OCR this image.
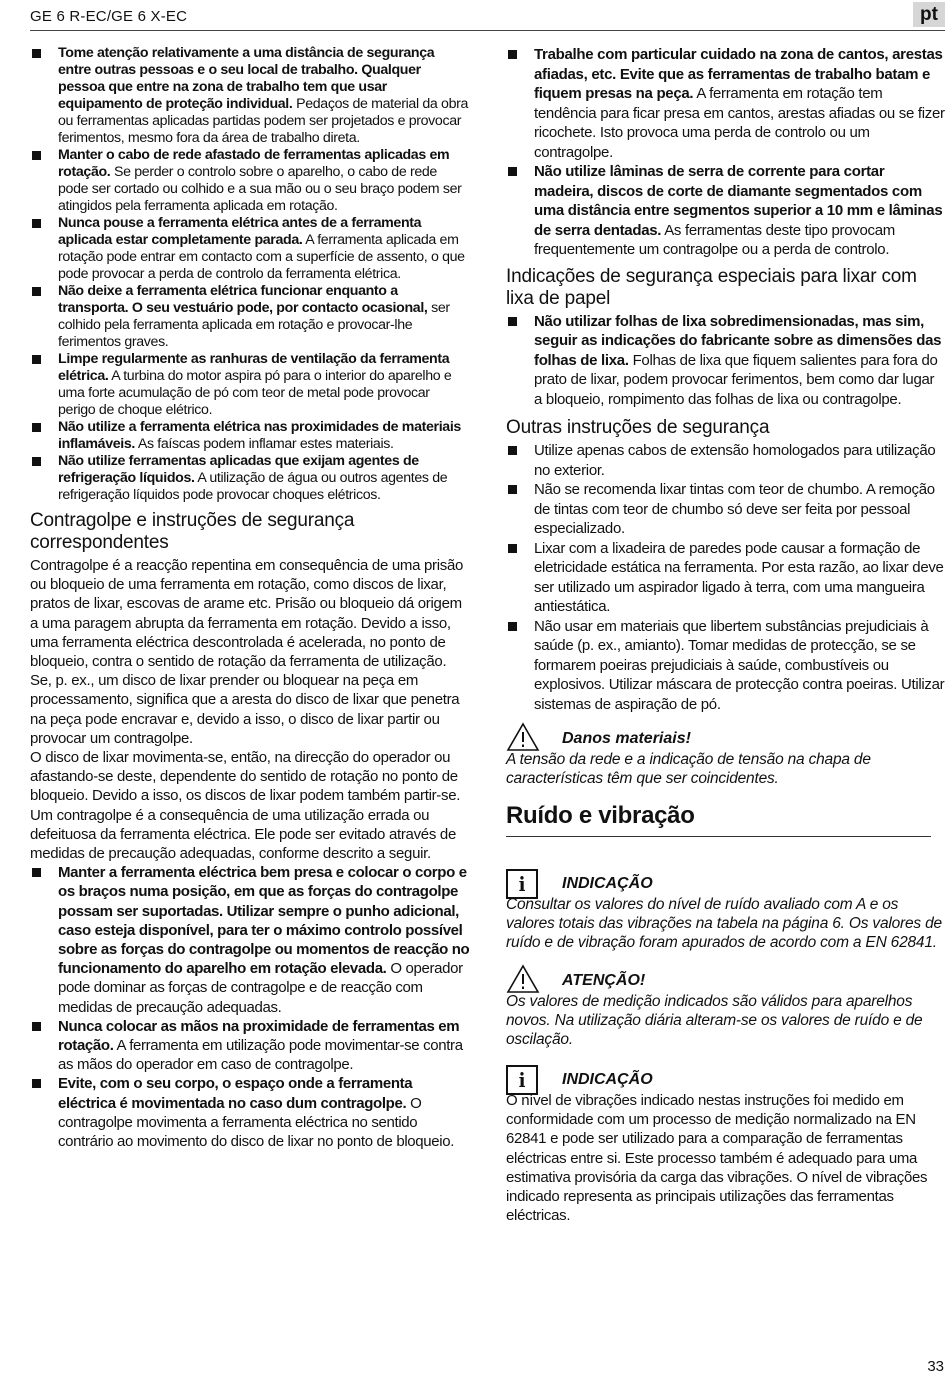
GE 6 R-EC/GE 6 X-EC	pt

Tome atenção relativamente a uma distância de segurança entre outras pessoas e o seu local de trabalho. Qualquer pessoa que entre na zona de trabalho tem que usar equipamento de proteção individual. Pedaços de material da obra ou ferramentas aplicadas partidas podem ser projetados e provocar ferimentos, mesmo fora da área de trabalho direta.

Manter o cabo de rede afastado de ferramentas aplicadas em rotação. Se perder o controlo sobre o aparelho, o cabo de rede pode ser cortado ou colhido e a sua mão ou o seu braço podem ser atingidos pela ferramenta aplicada em rotação.

Nunca pouse a ferramenta elétrica antes de a ferramenta aplicada estar completamente parada. A ferramenta aplicada em rotação pode entrar em contacto com a superfície de assento, o que pode provocar a perda de controlo da ferramenta elétrica.

Não deixe a ferramenta elétrica funcionar enquanto a transporta. O seu vestuário pode, por contacto ocasional, ser colhido pela ferramenta aplicada em rotação e provocar-lhe ferimentos graves.

Limpe regularmente as ranhuras de ventilação da ferramenta elétrica. A turbina do motor aspira pó para o interior do aparelho e uma forte acumulação de pó com teor de metal pode provocar perigo de choque elétrico.

Não utilize a ferramenta elétrica nas proximidades de materiais inflamáveis. As faíscas podem inflamar estes materiais.

Não utilize ferramentas aplicadas que exijam agentes de refrigeração líquidos. A utilização de água ou outros agentes de refrigeração líquidos pode provocar choques elétricos.

Contragolpe e instruções de segurança correspondentes

Contragolpe é a reacção repentina em consequência de uma prisão ou bloqueio de uma ferramenta em rotação, como discos de lixar, pratos de lixar, escovas de arame etc. Prisão ou bloqueio dá origem a uma paragem abrupta da ferramenta em rotação. Devido a isso, uma ferramenta eléctrica descontrolada é acelerada, no ponto de bloqueio, contra o sentido de rotação da ferramenta de utilização.

Se, p. ex., um disco de lixar prender ou bloquear na peça em processamento, significa que a aresta do disco de lixar que penetra na peça pode encravar e, devido a isso, o disco de lixar partir ou provocar um contragolpe.

O disco de lixar movimenta-se, então, na direcção do operador ou afastando-se deste, dependente do sentido de rotação no ponto de bloqueio. Devido a isso, os discos de lixar podem também partir-se.

Um contragolpe é a consequência de uma utilização errada ou defeituosa da ferramenta eléctrica. Ele pode ser evitado através de medidas de precaução adequadas, conforme descrito a seguir.

Manter a ferramenta eléctrica bem presa e colocar o corpo e os braços numa posição, em que as forças do contragolpe possam ser suportadas. Utilizar sempre o punho adicional, caso esteja disponível, para ter o máximo controlo possível sobre as forças do contragolpe ou momentos de reacção no funcionamento do aparelho em rotação elevada. O operador pode dominar as forças de contragolpe e de reacção com medidas de precaução adequadas.

Nunca colocar as mãos na proximidade de ferramentas em rotação. A ferramenta em utilização pode movimentar-se contra as mãos do operador em caso de contragolpe.

Evite, com o seu corpo, o espaço onde a ferramenta eléctrica é movimentada no caso dum contragolpe. O contragolpe movimenta a ferramenta eléctrica no sentido contrário ao movimento do disco de lixar no ponto de bloqueio.

Trabalhe com particular cuidado na zona de cantos, arestas afiadas, etc. Evite que as ferramentas de trabalho batam e fiquem presas na peça. A ferramenta em rotação tem tendência para ficar presa em cantos, arestas afiadas ou se fizer ricochete. Isto provoca uma perda de controlo ou um contragolpe.

Não utilize lâminas de serra de corrente para cortar madeira, discos de corte de diamante segmentados com uma distância entre segmentos superior a 10 mm e lâminas de serra dentadas. As ferramentas deste tipo provocam frequentemente um contragolpe ou a perda de controlo.

Indicações de segurança especiais para lixar com lixa de papel

Não utilizar folhas de lixa sobredimensionadas, mas sim, seguir as indicações do fabricante sobre as dimensões das folhas de lixa. Folhas de lixa que fiquem salientes para fora do prato de lixar, podem provocar ferimentos, bem como dar lugar a bloqueio, rompimento das folhas de lixa ou contragolpe.

Outras instruções de segurança

Utilize apenas cabos de extensão homologados para utilização no exterior.

Não se recomenda lixar tintas com teor de chumbo. A remoção de tintas com teor de chumbo só deve ser feita por pessoal especializado.

Lixar com a lixadeira de paredes pode causar a formação de eletricidade estática na ferramenta. Por esta razão, ao lixar deve ser utilizado um aspirador ligado à terra, com uma mangueira antiestática.

Não usar em materiais que libertem substâncias prejudiciais à saúde (p. ex., amianto). Tomar medidas de protecção, se se formarem poeiras prejudiciais à saúde, combustíveis ou explosivos. Utilizar máscara de protecção contra poeiras. Utilizar sistemas de aspiração de pó.

Danos materiais!

A tensão da rede e a indicação de tensão na chapa de características têm que ser coincidentes.

Ruído e vibração
i	INDICAÇÃO

Consultar os valores do nível de ruído avaliado com A e os valores totais das vibrações na tabela na página 6. Os valores de ruído e de vibração foram apurados de acordo com a EN 62841.

ATENÇÃO!

Os valores de medição indicados são válidos para aparelhos novos. Na utilização diária alteram-se os valores de ruído e de oscilação.

i	INDICAÇÃO

O nível de vibrações indicado nestas instruções foi medido em conformidade com um processo de medição normalizado na EN 62841 e pode ser utilizado para a comparação de ferramentas eléctricas entre si. Este processo também é adequado para uma estimativa provisória da carga das vibrações. O nível de vibrações indicado representa as principais utilizações das ferramentas eléctricas.

33
